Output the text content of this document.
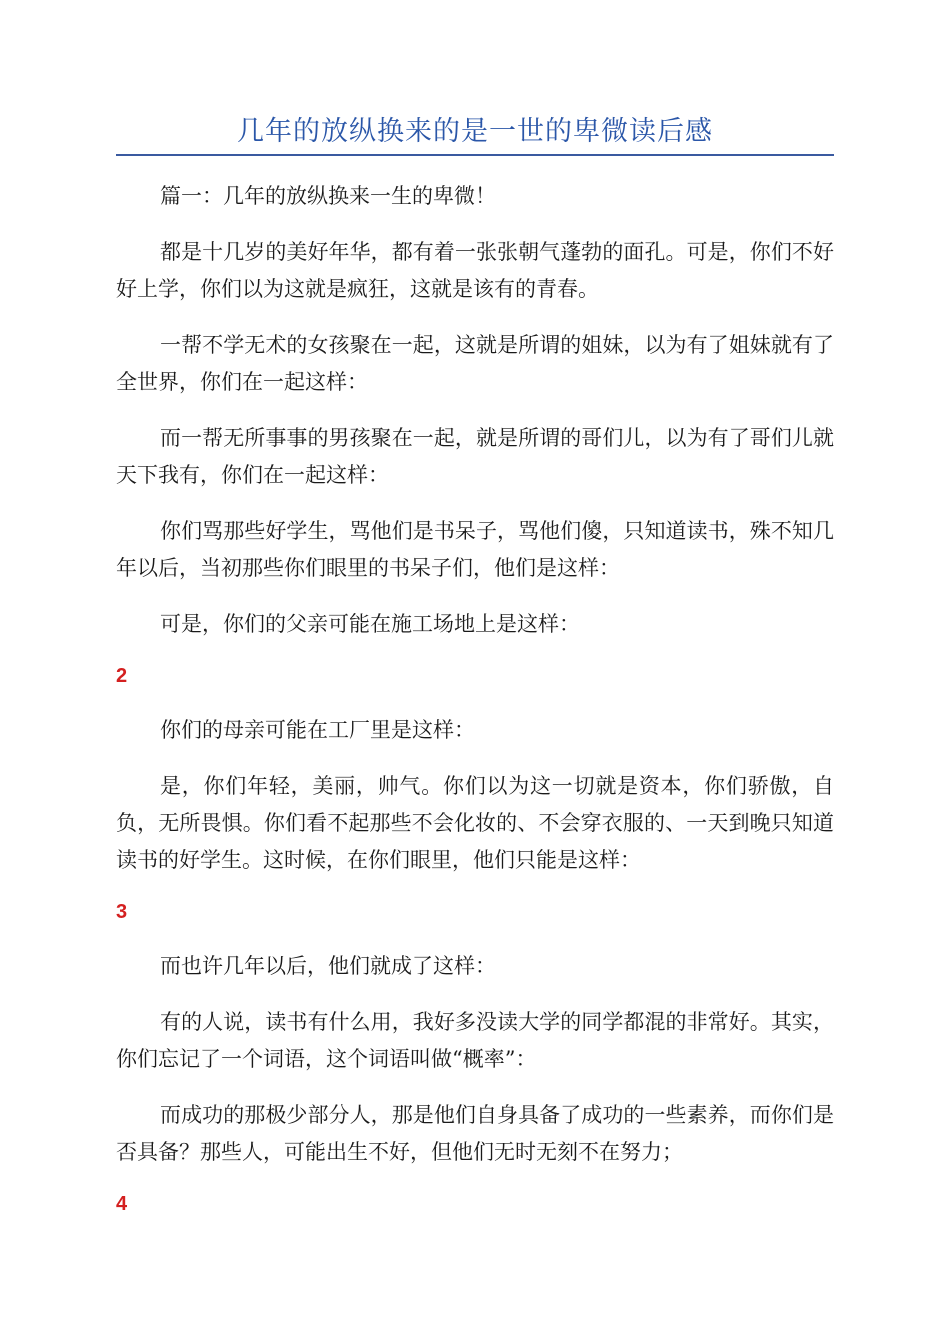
几年的放纵换来的是一世的卑微读后感

篇一：几年的放纵换来一生的卑微！

都是十几岁的美好年华，都有着一张张朝气蓬勃的面孔。可是，你们不好好上学，你们以为这就是疯狂，这就是该有的青春。

一帮不学无术的女孩聚在一起，这就是所谓的姐妹，以为有了姐妹就有了全世界，你们在一起这样：

而一帮无所事事的男孩聚在一起，就是所谓的哥们儿，以为有了哥们儿就天下我有，你们在一起这样：

你们骂那些好学生，骂他们是书呆子，骂他们傻，只知道读书，殊不知几年以后，当初那些你们眼里的书呆子们，他们是这样：

可是，你们的父亲可能在施工场地上是这样：

2

你们的母亲可能在工厂里是这样：

是，你们年轻，美丽，帅气。你们以为这一切就是资本，你们骄傲，自负，无所畏惧。你们看不起那些不会化妆的、不会穿衣服的、一天到晚只知道读书的好学生。这时候，在你们眼里，他们只能是这样：

3

而也许几年以后，他们就成了这样：

有的人说，读书有什么用，我好多没读大学的同学都混的非常好。其实，你们忘记了一个词语，这个词语叫做“概率”：

而成功的那极少部分人，那是他们自身具备了成功的一些素养，而你们是否具备？那些人，可能出生不好，但他们无时无刻不在努力；

4
